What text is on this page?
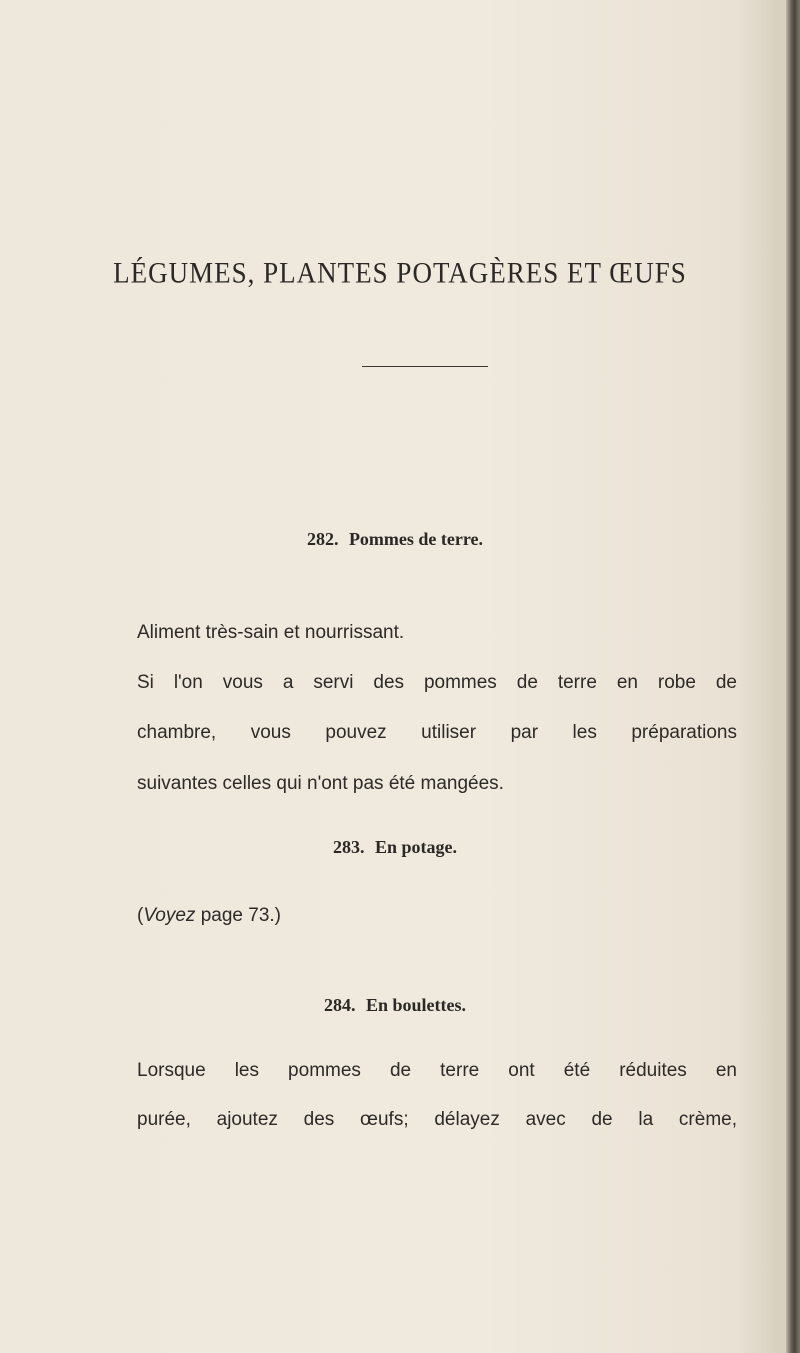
LÉGUMES, PLANTES POTAGÈRES ET ŒUFS
282. Pommes de terre.

Aliment très-sain et nourrissant.

Si l'on vous a servi des pommes de terre en robe de

chambre, vous pouvez utiliser par les préparations

suivantes celles qui n'ont pas été mangées.

283. En potage.

(Voyez page 73.)

284. En boulettes.

Lorsque les pommes de terre ont été réduites en

purée, ajoutez des œufs; délayez avec de la crème,
